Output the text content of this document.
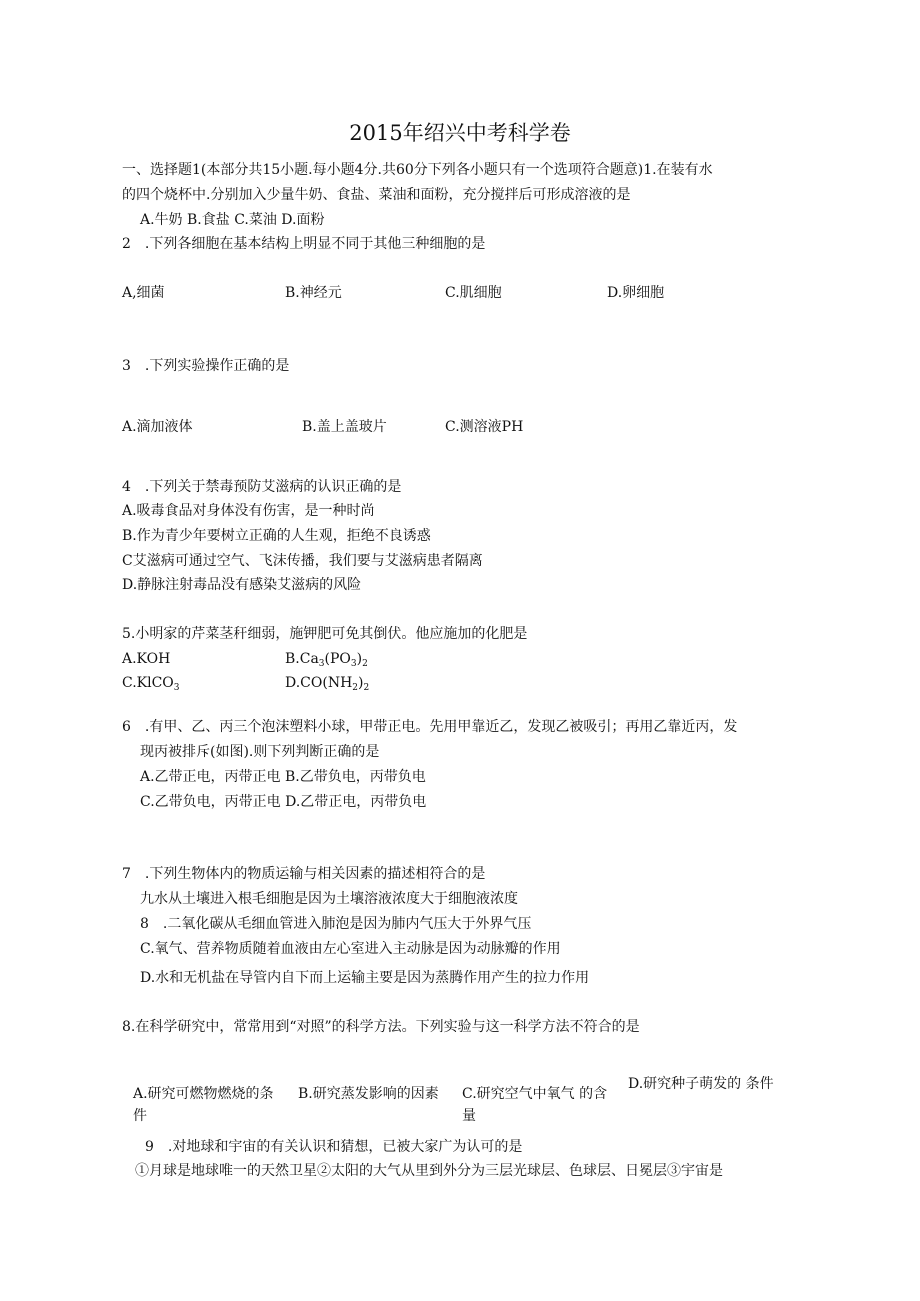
2015年绍兴中考科学卷
一、选择题1(本部分共15小题.每小题4分.共60分下列各小题只有一个选项符合题意)1.在装有水
的四个烧杯中.分别加入少量牛奶、食盐、菜油和面粉，充分搅拌后可形成溶液的是
A.牛奶 B.食盐 C.菜油 D.面粉
2　.下列各细胞在基本结构上明显不同于其他三种细胞的是
A,细菌	B.神经元	C.肌细胞	D.卵细胞
3　.下列实验操作正确的是
A.滴加液体	B.盖上盖玻片	C.测溶液PH
4　.下列关于禁毒预防艾滋病的认识正确的是
A.吸毒食品对身体没有伤害，是一种时尚
B.作为青少年要树立正确的人生观，拒绝不良诱惑
C艾滋病可通过空气、飞沫传播，我们要与艾滋病患者隔离
D.静脉注射毒品没有感染艾滋病的风险
5.小明家的芹菜茎秆细弱，施钾肥可免其倒伏。他应施加的化肥是
A.KOH	$B.Ca_3(PO_3)_2$
C.KlCO$_3$	$D.CO(NH_2)_2$
6　.有甲、乙、丙三个泡沫塑料小球，甲带正电。先用甲靠近乙，发现乙被吸引；再用乙靠近丙，发
现丙被排斥(如图).则下列判断正确的是
A.乙带正电，丙带正电 B.乙带负电，丙带负电
C.乙带负电，丙带正电 D.乙带正电，丙带负电
7　.下列生物体内的物质运输与相关因素的描述相符合的是
九水从土壤进入根毛细胞是因为土壤溶液浓度大于细胞液浓度
8　.二氧化碳从毛细血管进入肺泡是因为肺内气压大于外界气压
C.氧气、营养物质随着血液由左心室进入主动脉是因为动脉瓣的作用
D.水和无机盐在导管内自下而上运输主要是因为蒸腾作用产生的拉力作用
8.在科学研究中，常常用到“对照”的科学方法。下列实验与这一科学方法不符合的是
A.研究可燃物燃烧的条件
B.研究蒸发影响的因素	C.研究空气中氧气 的含量
D.研究种子萌发的 条件
9　.对地球和宇宙的有关认识和猜想，已被大家广为认可的是
①月球是地球唯一的天然卫星②太阳的大气从里到外分为三层光球层、色球层、日冕层③宇宙是
